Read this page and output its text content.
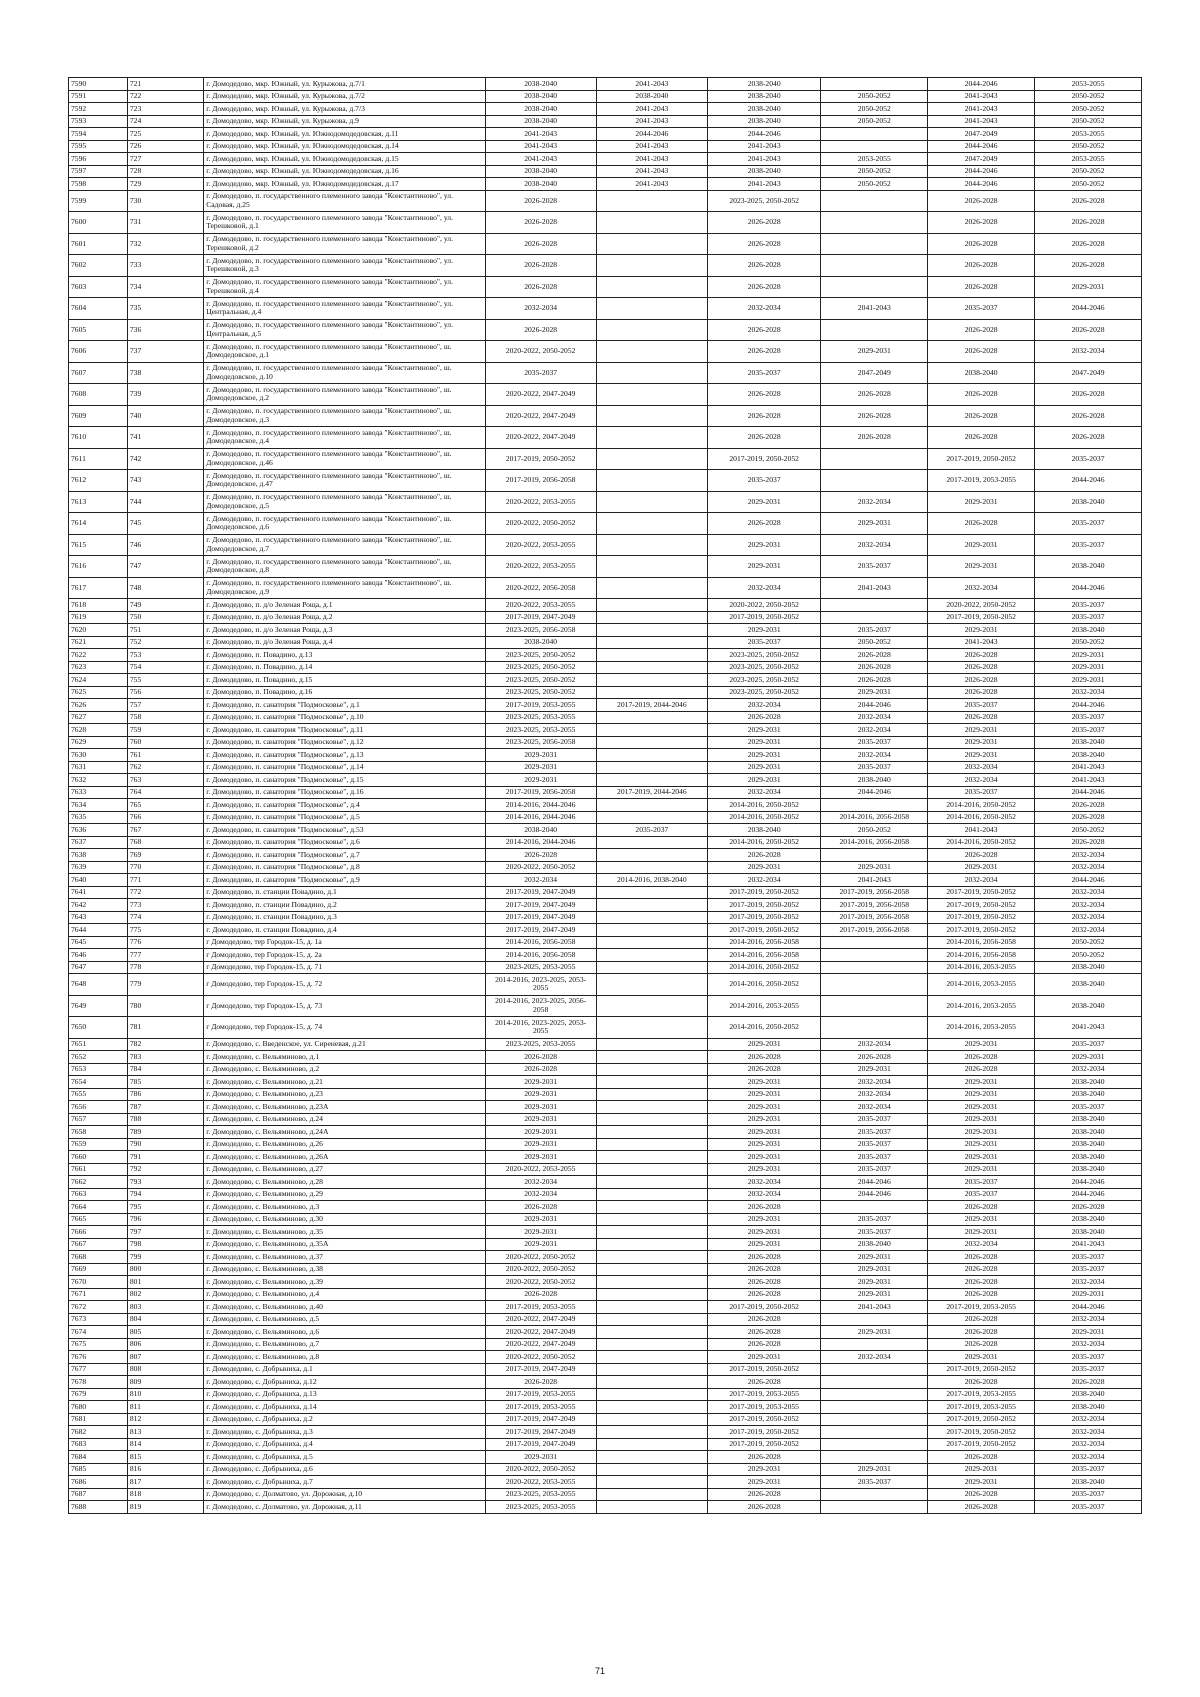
7590	721	г. Домодедово, мкр. Южный, ул. Курыжова, д.7/1	2038-2040	2041-2043	2038-2040		2044-2046	2053-2055
7591	722	г. Домодедово, мкр. Южный, ул. Курыжова, д.7/2	2038-2040	2038-2040	2038-2040	2050-2052	2041-2043	2050-2052
7592	723	г. Домодедово, мкр. Южный, ул. Курыжова, д.7/3	2038-2040	2041-2043	2038-2040	2050-2052	2041-2043	2050-2052
7593	724	г. Домодедово, мкр. Южный, ул. Курыжова, д.9	2038-2040	2041-2043	2038-2040	2050-2052	2041-2043	2050-2052
7594	725	г. Домодедово, мкр. Южный, ул. Южнодомодедовская, д.11	2041-2043	2044-2046	2044-2046		2047-2049	2053-2055
7595	726	г. Домодедово, мкр. Южный, ул. Южнодомодедовская, д.14	2041-2043	2041-2043	2041-2043		2044-2046	2050-2052
7596	727	г. Домодедово, мкр. Южный, ул. Южнодомодедовская, д.15	2041-2043	2041-2043	2041-2043	2053-2055	2047-2049	2053-2055
7597	728	г. Домодедово, мкр. Южный, ул. Южнодомодедовская, д.16	2038-2040	2041-2043	2038-2040	2050-2052	2044-2046	2050-2052
7598	729	г. Домодедово, мкр. Южный, ул. Южнодомодедовская, д.17	2038-2040	2041-2043	2041-2043	2050-2052	2044-2046	2050-2052
7599	730	г. Домодедово, п. государственного племенного завода "Константиново", ул. Садовая, д.25	2026-2028		2023-2025, 2050-2052		2026-2028	2026-2028
7600	731	г. Домодедово, п. государственного племенного завода "Константиново", ул. Терешковой, д.1	2026-2028		2026-2028		2026-2028	2026-2028
7601	732	г. Домодедово, п. государственного племенного завода "Константиново", ул. Терешковой, д.2	2026-2028		2026-2028		2026-2028	2026-2028
7602	733	г. Домодедово, п. государственного племенного завода "Константиново", ул. Терешковой, д.3	2026-2028		2026-2028		2026-2028	2026-2028
7603	734	г. Домодедово, п. государственного племенного завода "Константиново", ул. Терешковой, д.4	2026-2028		2026-2028		2026-2028	2029-2031
7604	735	г. Домодедово, п. государственного племенного завода "Константиново", ул. Центральная, д.4	2032-2034		2032-2034	2041-2043	2035-2037	2044-2046
7605	736	г. Домодедово, п. государственного племенного завода "Константиново", ул. Центральная, д.5	2026-2028		2026-2028		2026-2028	2026-2028
7606	737	г. Домодедово, п. государственного племенного завода "Константиново", ш. Домодедовское, д.1	2020-2022, 2050-2052		2026-2028	2029-2031	2026-2028	2032-2034
7607	738	г. Домодедово, п. государственного племенного завода "Константиново", ш. Домодедовское, д.10	2035-2037		2035-2037	2047-2049	2038-2040	2047-2049
7608	739	г. Домодедово, п. государственного племенного завода "Константиново", ш. Домодедовское, д.2	2020-2022, 2047-2049		2026-2028	2026-2028	2026-2028	2026-2028
7609	740	г. Домодедово, п. государственного племенного завода "Константиново", ш. Домодедовское, д.3	2020-2022, 2047-2049		2026-2028	2026-2028	2026-2028	2026-2028
7610	741	г. Домодедово, п. государственного племенного завода "Константиново", ш. Домодедовское, д.4	2020-2022, 2047-2049		2026-2028	2026-2028	2026-2028	2026-2028
7611	742	г. Домодедово, п. государственного племенного завода "Константиново", ш. Домодедовское, д.46	2017-2019, 2050-2052		2017-2019, 2050-2052		2017-2019, 2050-2052	2035-2037
7612	743	г. Домодедово, п. государственного племенного завода "Константиново", ш. Домодедовское, д.47	2017-2019, 2056-2058		2035-2037		2017-2019, 2053-2055	2044-2046
7613	744	г. Домодедово, п. государственного племенного завода "Константиново", ш. Домодедовское, д.5	2020-2022, 2053-2055		2029-2031	2032-2034	2029-2031	2038-2040
7614	745	г. Домодедово, п. государственного племенного завода "Константиново", ш. Домодедовское, д.6	2020-2022, 2050-2052		2026-2028	2029-2031	2026-2028	2035-2037
7615	746	г. Домодедово, п. государственного племенного завода "Константиново", ш. Домодедовское, д.7	2020-2022, 2053-2055		2029-2031	2032-2034	2029-2031	2035-2037
7616	747	г. Домодедово, п. государственного племенного завода "Константиново", ш. Домодедовское, д.8	2020-2022, 2053-2055		2029-2031	2035-2037	2029-2031	2038-2040
7617	748	г. Домодедово, п. государственного племенного завода "Константиново", ш. Домодедовское, д.9	2020-2022, 2056-2058		2032-2034	2041-2043	2032-2034	2044-2046
7618	749	г. Домодедово, п. д/о Зеленая Роща, д.1	2020-2022, 2053-2055		2020-2022, 2050-2052		2020-2022, 2050-2052	2035-2037
7619	750	г. Домодедово, п. д/о Зеленая Роща, д.2	2017-2019, 2047-2049		2017-2019, 2050-2052		2017-2019, 2050-2052	2035-2037
7620	751	г. Домодедово, п. д/о Зеленая Роща, д.3	2023-2025, 2056-2058		2029-2031	2035-2037	2029-2031	2038-2040
7621	752	г. Домодедово, п. д/о Зеленая Роща, д.4	2038-2040		2035-2037	2050-2052	2041-2043	2050-2052
7622	753	г. Домодедово, п. Повадино, д.13	2023-2025, 2050-2052		2023-2025, 2050-2052	2026-2028	2026-2028	2029-2031
7623	754	г. Домодедово, п. Повадино, д.14	2023-2025, 2050-2052		2023-2025, 2050-2052	2026-2028	2026-2028	2029-2031
7624	755	г. Домодедово, п. Повадино, д.15	2023-2025, 2050-2052		2023-2025, 2050-2052	2026-2028	2026-2028	2029-2031
7625	756	г. Домодедово, п. Повадино, д.16	2023-2025, 2050-2052		2023-2025, 2050-2052	2029-2031	2026-2028	2032-2034
7626	757	г. Домодедово, п. санатория "Подмосковье", д.1	2017-2019, 2053-2055	2017-2019, 2044-2046	2032-2034	2044-2046	2035-2037	2044-2046
7627	758	г. Домодедово, п. санатория "Подмосковье", д.10	2023-2025, 2053-2055		2026-2028	2032-2034	2026-2028	2035-2037
7628	759	г. Домодедово, п. санатория "Подмосковье", д.11	2023-2025, 2053-2055		2029-2031	2032-2034	2029-2031	2035-2037
7629	760	г. Домодедово, п. санатория "Подмосковье", д.12	2023-2025, 2056-2058		2029-2031	2035-2037	2029-2031	2038-2040
7630	761	г. Домодедово, п. санатория "Подмосковье", д.13	2029-2031		2029-2031	2032-2034	2029-2031	2038-2040
7631	762	г. Домодедово, п. санатория "Подмосковье", д.14	2029-2031		2029-2031	2035-2037	2032-2034	2041-2043
7632	763	г. Домодедово, п. санатория "Подмосковье", д.15	2029-2031		2029-2031	2038-2040	2032-2034	2041-2043
7633	764	г. Домодедово, п. санатория "Подмосковье", д.16	2017-2019, 2056-2058	2017-2019, 2044-2046	2032-2034	2044-2046	2035-2037	2044-2046
7634	765	г. Домодедово, п. санатория "Подмосковье", д.4	2014-2016, 2044-2046		2014-2016, 2050-2052		2014-2016, 2050-2052	2026-2028
7635	766	г. Домодедово, п. санатория "Подмосковье", д.5	2014-2016, 2044-2046		2014-2016, 2050-2052	2014-2016, 2056-2058	2014-2016, 2050-2052	2026-2028
7636	767	г. Домодедово, п. санатория "Подмосковье", д.53	2038-2040	2035-2037	2038-2040	2050-2052	2041-2043	2050-2052
7637	768	г. Домодедово, п. санатория "Подмосковье", д.6	2014-2016, 2044-2046		2014-2016, 2050-2052	2014-2016, 2056-2058	2014-2016, 2050-2052	2026-2028
7638	769	г. Домодедово, п. санатория "Подмосковье", д.7	2026-2028		2026-2028		2026-2028	2032-2034
7639	770	г. Домодедово, п. санатория "Подмосковье", д.8	2020-2022, 2050-2052		2029-2031	2029-2031	2029-2031	2032-2034
7640	771	г. Домодедово, п. санатория "Подмосковье", д.9	2032-2034	2014-2016, 2038-2040	2032-2034	2041-2043	2032-2034	2044-2046
7641	772	г. Домодедово, п. станции Повадино, д.1	2017-2019, 2047-2049		2017-2019, 2050-2052	2017-2019, 2056-2058	2017-2019, 2050-2052	2032-2034
7642	773	г. Домодедово, п. станции Повадино, д.2	2017-2019, 2047-2049		2017-2019, 2050-2052	2017-2019, 2056-2058	2017-2019, 2050-2052	2032-2034
7643	774	г. Домодедово, п. станции Повадино, д.3	2017-2019, 2047-2049		2017-2019, 2050-2052	2017-2019, 2056-2058	2017-2019, 2050-2052	2032-2034
7644	775	г. Домодедово, п. станции Повадино, д.4	2017-2019, 2047-2049		2017-2019, 2050-2052	2017-2019, 2056-2058	2017-2019, 2050-2052	2032-2034
7645	776	г Домодедово, тер Городок-15, д. 1а	2014-2016, 2056-2058		2014-2016, 2056-2058		2014-2016, 2056-2058	2050-2052
7646	777	г Домодедово, тер Городок-15, д. 2а	2014-2016, 2056-2058		2014-2016, 2056-2058		2014-2016, 2056-2058	2050-2052
7647	778	г Домодедово, тер Городок-15, д. 71	2023-2025, 2053-2055		2014-2016, 2050-2052		2014-2016, 2053-2055	2038-2040
7648	779	г Домодедово, тер Городок-15, д. 72	2014-2016, 2023-2025, 2053-2055		2014-2016, 2050-2052		2014-2016, 2053-2055	2038-2040
7649	780	г Домодедово, тер Городок-15, д. 73	2014-2016, 2023-2025, 2056-2058		2014-2016, 2053-2055		2014-2016, 2053-2055	2038-2040
7650	781	г Домодедово, тер Городок-15, д. 74	2014-2016, 2023-2025, 2053-2055		2014-2016, 2050-2052		2014-2016, 2053-2055	2041-2043
7651	782	г. Домодедово, с. Введенское, ул. Сиреневая, д.21	2023-2025, 2053-2055		2029-2031	2032-2034	2029-2031	2035-2037
7652	783	г. Домодедово, с. Вельяминово, д.1	2026-2028		2026-2028	2026-2028	2026-2028	2029-2031
7653	784	г. Домодедово, с. Вельяминово, д.2	2026-2028		2026-2028	2029-2031	2026-2028	2032-2034
7654	785	г. Домодедово, с. Вельяминово, д.21	2029-2031		2029-2031	2032-2034	2029-2031	2038-2040
7655	786	г. Домодедово, с. Вельяминово, д.23	2029-2031		2029-2031	2032-2034	2029-2031	2038-2040
7656	787	г. Домодедово, с. Вельяминово, д.23А	2029-2031		2029-2031	2032-2034	2029-2031	2035-2037
7657	788	г. Домодедово, с. Вельяминово, д.24	2029-2031		2029-2031	2035-2037	2029-2031	2038-2040
7658	789	г. Домодедово, с. Вельяминово, д.24А	2029-2031		2029-2031	2035-2037	2029-2031	2038-2040
7659	790	г. Домодедово, с. Вельяминово, д.26	2029-2031		2029-2031	2035-2037	2029-2031	2038-2040
7660	791	г. Домодедово, с. Вельяминово, д.26А	2029-2031		2029-2031	2035-2037	2029-2031	2038-2040
7661	792	г. Домодедово, с. Вельяминово, д.27	2020-2022, 2053-2055		2029-2031	2035-2037	2029-2031	2038-2040
7662	793	г. Домодедово, с. Вельяминово, д.28	2032-2034		2032-2034	2044-2046	2035-2037	2044-2046
7663	794	г. Домодедово, с. Вельяминово, д.29	2032-2034		2032-2034	2044-2046	2035-2037	2044-2046
7664	795	г. Домодедово, с. Вельяминово, д.3	2026-2028		2026-2028		2026-2028	2026-2028
7665	796	г. Домодедово, с. Вельяминово, д.30	2029-2031		2029-2031	2035-2037	2029-2031	2038-2040
7666	797	г. Домодедово, с. Вельяминово, д.35	2029-2031		2029-2031	2035-2037	2029-2031	2038-2040
7667	798	г. Домодедово, с. Вельяминово, д.35А	2029-2031		2029-2031	2038-2040	2032-2034	2041-2043
7668	799	г. Домодедово, с. Вельяминово, д.37	2020-2022, 2050-2052		2026-2028	2029-2031	2026-2028	2035-2037
7669	800	г. Домодедово, с. Вельяминово, д.38	2020-2022, 2050-2052		2026-2028	2029-2031	2026-2028	2035-2037
7670	801	г. Домодедово, с. Вельяминово, д.39	2020-2022, 2050-2052		2026-2028	2029-2031	2026-2028	2032-2034
7671	802	г. Домодедово, с. Вельяминово, д.4	2026-2028		2026-2028	2029-2031	2026-2028	2029-2031
7672	803	г. Домодедово, с. Вельяминово, д.40	2017-2019, 2053-2055		2017-2019, 2050-2052	2041-2043	2017-2019, 2053-2055	2044-2046
7673	804	г. Домодедово, с. Вельяминово, д.5	2020-2022, 2047-2049		2026-2028		2026-2028	2032-2034
7674	805	г. Домодедово, с. Вельяминово, д.6	2020-2022, 2047-2049		2026-2028	2029-2031	2026-2028	2029-2031
7675	806	г. Домодедово, с. Вельяминово, д.7	2020-2022, 2047-2049		2026-2028		2026-2028	2032-2034
7676	807	г. Домодедово, с. Вельяминово, д.8	2020-2022, 2050-2052		2029-2031	2032-2034	2029-2031	2035-2037
7677	808	г. Домодедово, с. Добрыниха, д.1	2017-2019, 2047-2049		2017-2019, 2050-2052		2017-2019, 2050-2052	2035-2037
7678	809	г. Домодедово, с. Добрыниха, д.12	2026-2028		2026-2028		2026-2028	2026-2028
7679	810	г. Домодедово, с. Добрыниха, д.13	2017-2019, 2053-2055		2017-2019, 2053-2055		2017-2019, 2053-2055	2038-2040
7680	811	г. Домодедово, с. Добрыниха, д.14	2017-2019, 2053-2055		2017-2019, 2053-2055		2017-2019, 2053-2055	2038-2040
7681	812	г. Домодедово, с. Добрыниха, д.2	2017-2019, 2047-2049		2017-2019, 2050-2052		2017-2019, 2050-2052	2032-2034
7682	813	г. Домодедово, с. Добрыниха, д.3	2017-2019, 2047-2049		2017-2019, 2050-2052		2017-2019, 2050-2052	2032-2034
7683	814	г. Домодедово, с. Добрыниха, д.4	2017-2019, 2047-2049		2017-2019, 2050-2052		2017-2019, 2050-2052	2032-2034
7684	815	г. Домодедово, с. Добрыниха, д.5	2029-2031		2026-2028		2026-2028	2032-2034
7685	816	г. Домодедово, с. Добрыниха, д.6	2020-2022, 2050-2052		2029-2031	2029-2031	2029-2031	2035-2037
7686	817	г. Домодедово, с. Добрыниха, д.7	2020-2022, 2053-2055		2029-2031	2035-2037	2029-2031	2038-2040
7687	818	г. Домодедово, с. Долматово, ул. Дорожная, д.10	2023-2025, 2053-2055		2026-2028		2026-2028	2035-2037
7688	819	г. Домодедово, с. Долматово, ул. Дорожная, д.11	2023-2025, 2053-2055		2026-2028		2026-2028	2035-2037
71
